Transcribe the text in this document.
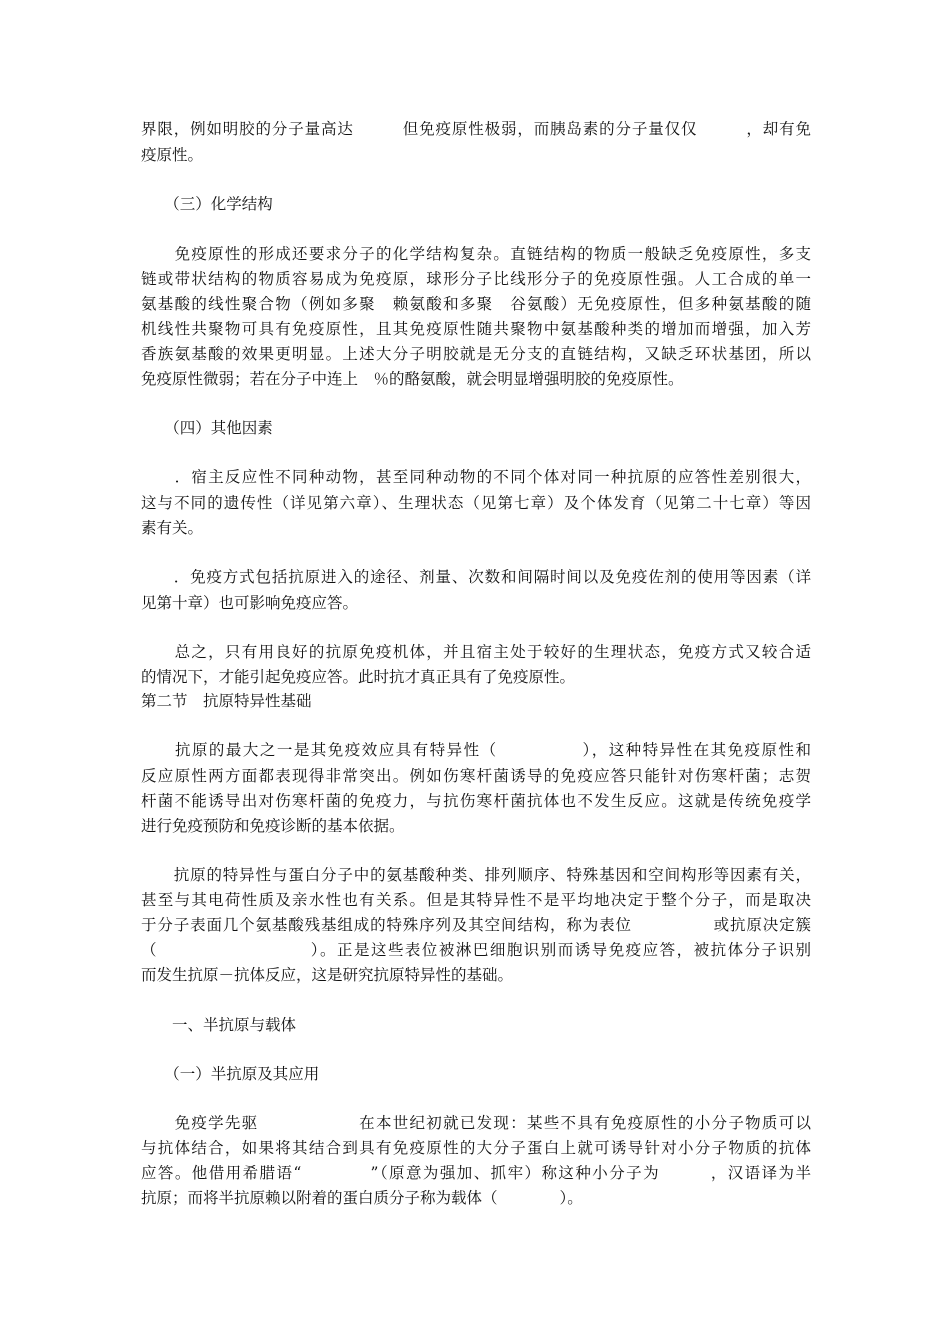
界限，例如明胶的分子量高达　　　但免疫原性极弱，而胰岛素的分子量仅仅　　　，却有免

疫原性。

　　（三）化学结构

　　免疫原性的形成还要求分子的化学结构复杂。直链结构的物质一般缺乏免疫原性，多支

链或带状结构的物质容易成为免疫原，球形分子比线形分子的免疫原性强。人工合成的单一

氨基酸的线性聚合物（例如多聚　赖氨酸和多聚　谷氨酸）无免疫原性，但多种氨基酸的随

机线性共聚物可具有免疫原性，且其免疫原性随共聚物中氨基酸种类的增加而增强，加入芳

香族氨基酸的效果更明显。上述大分子明胶就是无分支的直链结构，又缺乏环状基团，所以

免疫原性微弱；若在分子中连上　％的酪氨酸，就会明显增强明胶的免疫原性。

　　（四）其他因素

　　．宿主反应性不同种动物，甚至同种动物的不同个体对同一种抗原的应答性差别很大，

这与不同的遗传性（详见第六章）、生理状态（见第七章）及个体发育（见第二十七章）等因

素有关。

　　．免疫方式包括抗原进入的途径、剂量、次数和间隔时间以及免疫佐剂的使用等因素（详

见第十章）也可影响免疫应答。

　　总之，只有用良好的抗原免疫机体，并且宿主处于较好的生理状态，免疫方式又较合适

的情况下，才能引起免疫应答。此时抗才真正具有了免疫原性。

第二节　抗原特异性基础

　　抗原的最大之一是其免疫效应具有特异性（　　　　　），这种特异性在其免疫原性和

反应原性两方面都表现得非常突出。例如伤寒杆菌诱导的免疫应答只能针对伤寒杆菌；志贺

杆菌不能诱导出对伤寒杆菌的免疫力，与抗伤寒杆菌抗体也不发生反应。这就是传统免疫学

进行免疫预防和免疫诊断的基本依据。

　　抗原的特异性与蛋白分子中的氨基酸种类、排列顺序、特殊基因和空间构形等因素有关，

甚至与其电荷性质及亲水性也有关系。但是其特异性不是平均地决定于整个分子，而是取决

于分子表面几个氨基酸残基组成的特殊序列及其空间结构，称为表位　　　　　或抗原决定簇

（　　　　　　　　　）。正是这些表位被淋巴细胞识别而诱导免疫应答，被抗体分子识别

而发生抗原－抗体反应，这是研究抗原特异性的基础。

　　一、半抗原与载体

　　（一）半抗原及其应用

　　免疫学先驱　　　　　　在本世纪初就已发现：某些不具有免疫原性的小分子物质可以

与抗体结合，如果将其结合到具有免疫原性的大分子蛋白上就可诱导针对小分子物质的抗体

应答。他借用希腊语“　　　　”（原意为强加、抓牢）称这种小分子为　　　，汉语译为半

抗原；而将半抗原赖以附着的蛋白质分子称为载体（　　　　）。
